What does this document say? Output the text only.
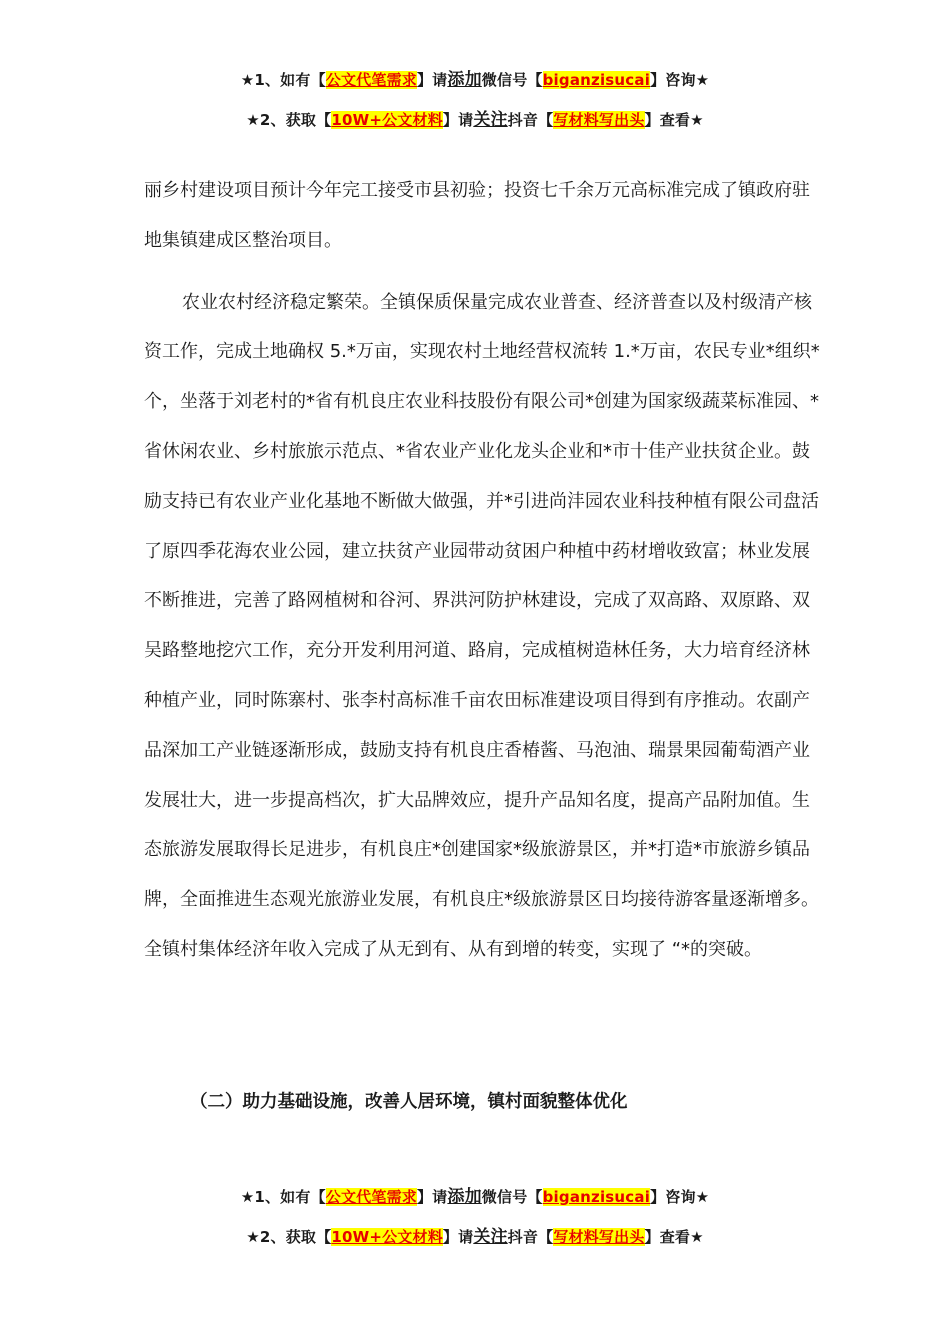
★1、如有【公文代笔需求】请添加微信号【biganzisucai】咨询★
★2、获取【10W+公文材料】请关注抖音【写材料写出头】查看★

丽乡村建设项目预计今年完工接受市县初验；投资七千余万元高标准完成了镇政府驻地集镇建成区整治项目。

农业农村经济稳定繁荣。全镇保质保量完成农业普查、经济普查以及村级清产核资工作，完成土地确权 5.*万亩，实现农村土地经营权流转 1.*万亩，农民专业*组织*个，坐落于刘老村的*省有机良庄农业科技股份有限公司*创建为国家级蔬菜标准园、*省休闲农业、乡村旅旅示范点、*省农业产业化龙头企业和*市十佳产业扶贫企业。鼓励支持已有农业产业化基地不断做大做强，并*引进尚沣园农业科技种植有限公司盘活了原四季花海农业公园，建立扶贫产业园带动贫困户种植中药材增收致富；林业发展不断推进，完善了路网植树和谷河、界洪河防护林建设，完成了双高路、双原路、双吴路整地挖穴工作，充分开发利用河道、路肩，完成植树造林任务，大力培育经济林种植产业，同时陈寨村、张李村高标准千亩农田标准建设项目得到有序推动。农副产品深加工产业链逐渐形成，鼓励支持有机良庄香椿酱、马泡油、瑞景果园葡萄酒产业发展壮大，进一步提高档次，扩大品牌效应，提升产品知名度，提高产品附加值。生态旅游发展取得长足进步，有机良庄*创建国家*级旅游景区，并*打造*市旅游乡镇品牌，全面推进生态观光旅游业发展，有机良庄*级旅游景区日均接待游客量逐渐增多。全镇村集体经济年收入完成了从无到有、从有到增的转变，实现了 “*的突破。

（二）助力基础设施，改善人居环境，镇村面貌整体优化
★1、如有【公文代笔需求】请添加微信号【biganzisucai】咨询★
★2、获取【10W+公文材料】请关注抖音【写材料写出头】查看★
